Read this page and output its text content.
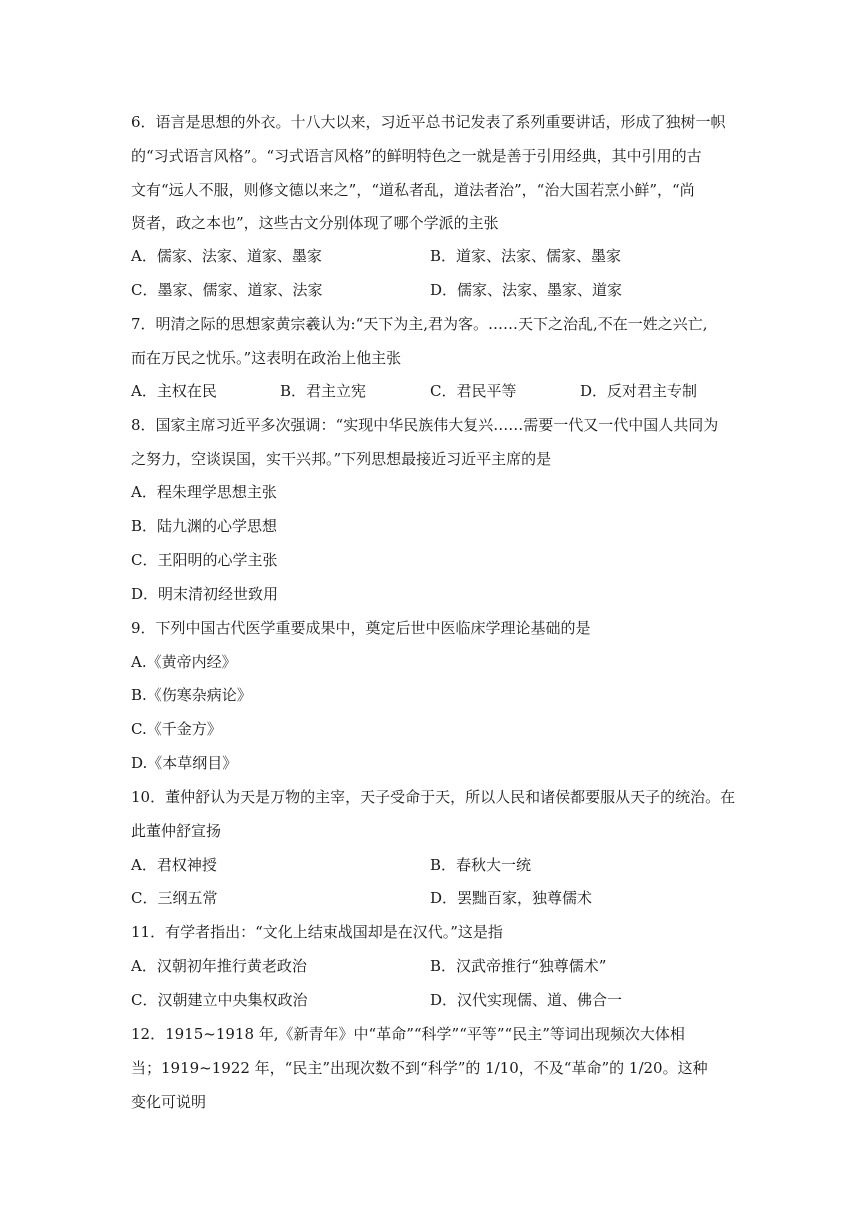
6．语言是思想的外衣。十八大以来，习近平总书记发表了系列重要讲话，形成了独树一帜
的“习式语言风格”。“习式语言风格”的鲜明特色之一就是善于引用经典，其中引用的古
文有“远人不服，则修文德以来之”，“道私者乱，道法者治”，“治大国若烹小鲜”，“尚
贤者，政之本也”，这些古文分别体现了哪个学派的主张
A．儒家、法家、道家、墨家	B．道家、法家、儒家、墨家
C．墨家、儒家、道家、法家	D．儒家、法家、墨家、道家
7．明清之际的思想家黄宗羲认为:“天下为主,君为客。……天下之治乱,不在一姓之兴亡,
而在万民之忧乐。”这表明在政治上他主张
A．主权在民	B．君主立宪	C．君民平等	D．反对君主专制
8．国家主席习近平多次强调：“实现中华民族伟大复兴……需要一代又一代中国人共同为
之努力，空谈误国，实干兴邦。”下列思想最接近习近平主席的是
A．程朱理学思想主张
B．陆九渊的心学思想
C．王阳明的心学主张
D．明末清初经世致用
9．下列中国古代医学重要成果中，奠定后世中医临床学理论基础的是
A.《黄帝内经》
B.《伤寒杂病论》
C.《千金方》
D.《本草纲目》
10．董仲舒认为天是万物的主宰，天子受命于天，所以人民和诸侯都要服从天子的统治。在
此董仲舒宣扬
A．君权神授	B．春秋大一统
C．三纲五常	D．罢黜百家，独尊儒术
11．有学者指出：“文化上结束战国却是在汉代。”这是指
A．汉朝初年推行黄老政治	B．汉武帝推行“独尊儒术”
C．汉朝建立中央集权政治	D．汉代实现儒、道、佛合一
12．1915~1918 年,《新青年》中“革命”“科学”“平等”“民主”等词出现频次大体相
当；1919~1922 年，“民主”出现次数不到“科学”的 1/10，不及“革命”的 1/20。这种
变化可说明
